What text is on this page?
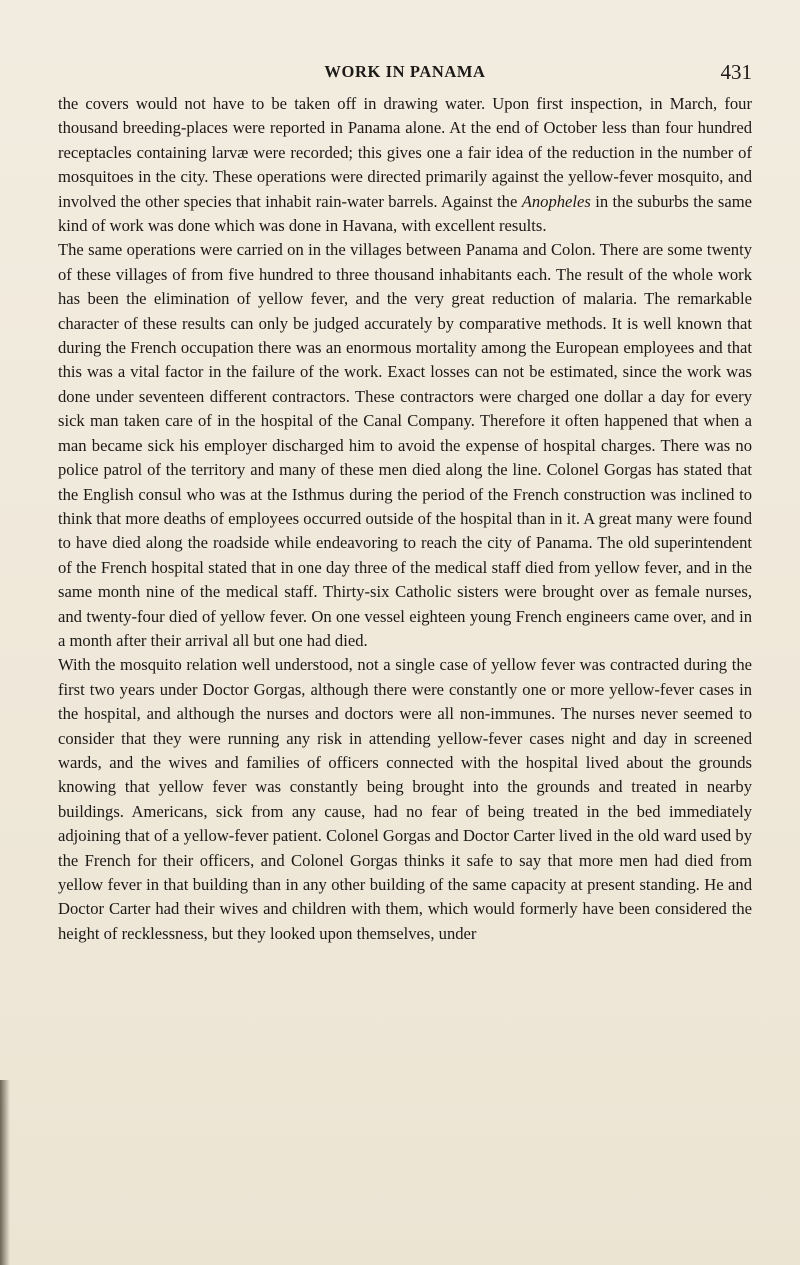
WORK IN PANAMA	431

the covers would not have to be taken off in drawing water. Upon first inspection, in March, four thousand breeding-places were reported in Panama alone. At the end of October less than four hundred receptacles containing larvæ were recorded; this gives one a fair idea of the reduction in the number of mosquitoes in the city. These operations were directed primarily against the yellow-fever mosquito, and involved the other species that inhabit rain-water barrels. Against the Anopheles in the suburbs the same kind of work was done which was done in Havana, with excellent results.

The same operations were carried on in the villages between Panama and Colon. There are some twenty of these villages of from five hundred to three thousand inhabitants each. The result of the whole work has been the elimination of yellow fever, and the very great reduction of malaria. The remarkable character of these results can only be judged accurately by comparative methods. It is well known that during the French occupation there was an enormous mortality among the European employees and that this was a vital factor in the failure of the work. Exact losses can not be estimated, since the work was done under seventeen different contractors. These contractors were charged one dollar a day for every sick man taken care of in the hospital of the Canal Company. Therefore it often happened that when a man became sick his employer discharged him to avoid the expense of hospital charges. There was no police patrol of the territory and many of these men died along the line. Colonel Gorgas has stated that the English consul who was at the Isthmus during the period of the French construction was inclined to think that more deaths of employees occurred outside of the hospital than in it. A great many were found to have died along the roadside while endeavoring to reach the city of Panama. The old superintendent of the French hospital stated that in one day three of the medical staff died from yellow fever, and in the same month nine of the medical staff. Thirty-six Catholic sisters were brought over as female nurses, and twenty-four died of yellow fever. On one vessel eighteen young French engineers came over, and in a month after their arrival all but one had died.

With the mosquito relation well understood, not a single case of yellow fever was contracted during the first two years under Doctor Gorgas, although there were constantly one or more yellow-fever cases in the hospital, and although the nurses and doctors were all non-immunes. The nurses never seemed to consider that they were running any risk in attending yellow-fever cases night and day in screened wards, and the wives and families of officers connected with the hospital lived about the grounds knowing that yellow fever was constantly being brought into the grounds and treated in nearby buildings. Americans, sick from any cause, had no fear of being treated in the bed immediately adjoining that of a yellow-fever patient. Colonel Gorgas and Doctor Carter lived in the old ward used by the French for their officers, and Colonel Gorgas thinks it safe to say that more men had died from yellow fever in that building than in any other building of the same capacity at present standing. He and Doctor Carter had their wives and children with them, which would formerly have been considered the height of recklessness, but they looked upon themselves, under
